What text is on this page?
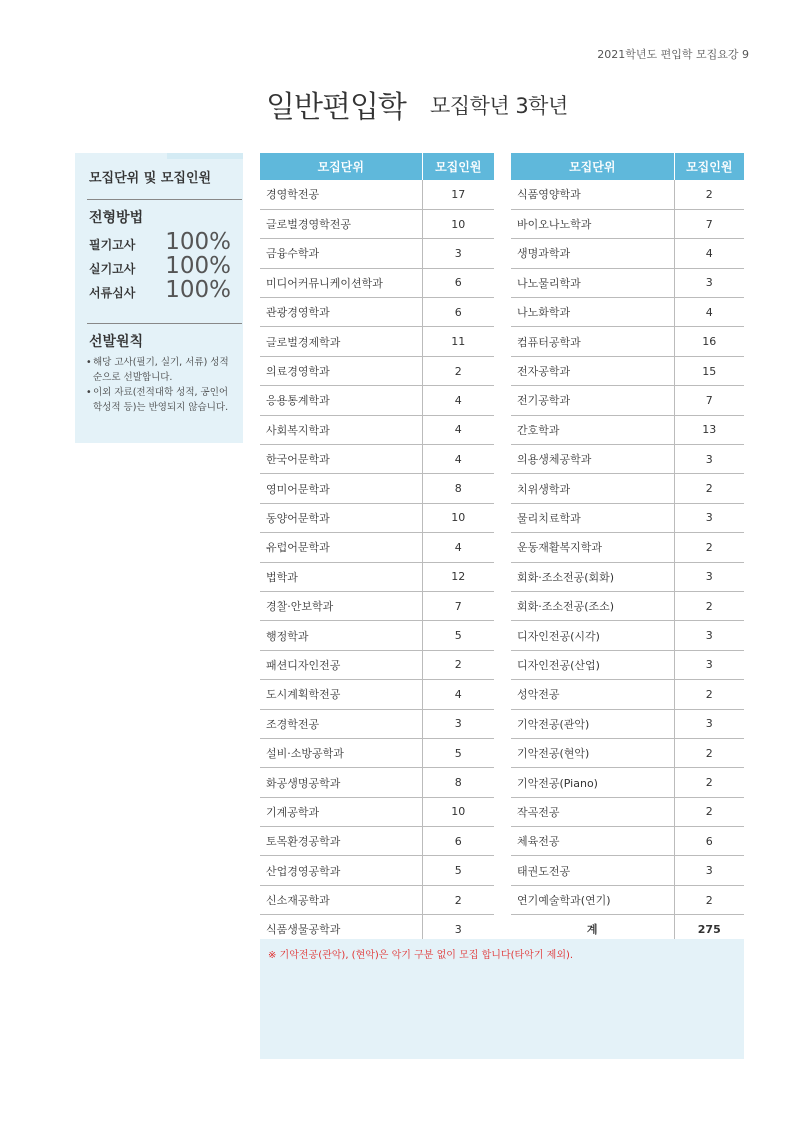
2021학년도 편입학 모집요강 9
일반편입학 모집학년 3학년
모집단위 및 모집인원
전형방법
필기고사 100%
실기고사 100%
서류심사 100%
선발원칙
• 해당 고사(필기, 실기, 서류) 성적순으로 선발합니다.
• 이외 자료(전적대학 성적, 공인어학성적 등)는 반영되지 않습니다.
모집단위	모집인원
경영학전공	17
글로벌경영학전공	10
금융수학과	3
미디어커뮤니케이션학과	6
관광경영학과	6
글로벌경제학과	11
의료경영학과	2
응용통계학과	4
사회복지학과	4
한국어문학과	4
영미어문학과	8
동양어문학과	10
유럽어문학과	4
법학과	12
경찰·안보학과	7
행정학과	5
패션디자인전공	2
도시계획학전공	4
조경학전공	3
설비·소방공학과	5
화공생명공학과	8
기계공학과	10
토목환경공학과	6
산업경영공학과	5
신소재공학과	2
식품생물공학과	3
모집단위	모집인원
식품영양학과	2
바이오나노학과	7
생명과학과	4
나노물리학과	3
나노화학과	4
컴퓨터공학과	16
전자공학과	15
전기공학과	7
간호학과	13
의용생체공학과	3
치위생학과	2
물리치료학과	3
운동재활복지학과	2
회화·조소전공(회화)	3
회화·조소전공(조소)	2
디자인전공(시각)	3
디자인전공(산업)	3
성악전공	2
기악전공(관악)	3
기악전공(현악)	2
기악전공(Piano)	2
작곡전공	2
체육전공	6
태권도전공	3
연기예술학과(연기)	2
계	275
※ 기악전공(관악), (현악)은 악기 구분 없이 모집 합니다(타악기 제외).
